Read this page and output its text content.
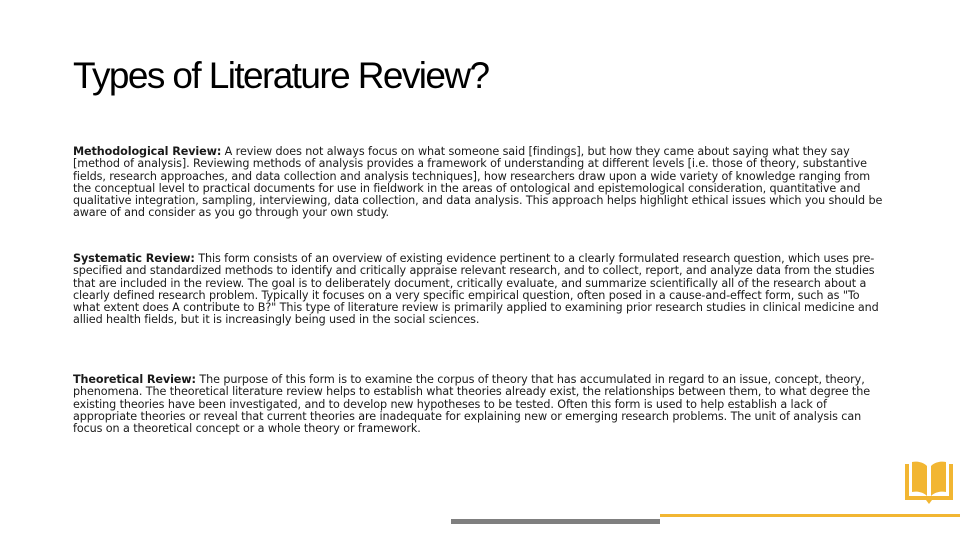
Types of Literature Review?

Methodological Review: A review does not always focus on what someone said [findings], but how they came about saying what they say [method of analysis]. Reviewing methods of analysis provides a framework of understanding at different levels [i.e. those of theory, substantive fields, research approaches, and data collection and analysis techniques], how researchers draw upon a wide variety of knowledge ranging from the conceptual level to practical documents for use in fieldwork in the areas of ontological and epistemological consideration, quantitative and qualitative integration, sampling, interviewing, data collection, and data analysis. This approach helps highlight ethical issues which you should be aware of and consider as you go through your own study.

Systematic Review: This form consists of an overview of existing evidence pertinent to a clearly formulated research question, which uses pre-specified and standardized methods to identify and critically appraise relevant research, and to collect, report, and analyze data from the studies that are included in the review. The goal is to deliberately document, critically evaluate, and summarize scientifically all of the research about a clearly defined research problem. Typically it focuses on a very specific empirical question, often posed in a cause-and-effect form, such as "To what extent does A contribute to B?" This type of literature review is primarily applied to examining prior research studies in clinical medicine and allied health fields, but it is increasingly being used in the social sciences.

Theoretical Review: The purpose of this form is to examine the corpus of theory that has accumulated in regard to an issue, concept, theory, phenomena. The theoretical literature review helps to establish what theories already exist, the relationships between them, to what degree the existing theories have been investigated, and to develop new hypotheses to be tested. Often this form is used to help establish a lack of appropriate theories or reveal that current theories are inadequate for explaining new or emerging research problems. The unit of analysis can focus on a theoretical concept or a whole theory or framework.
